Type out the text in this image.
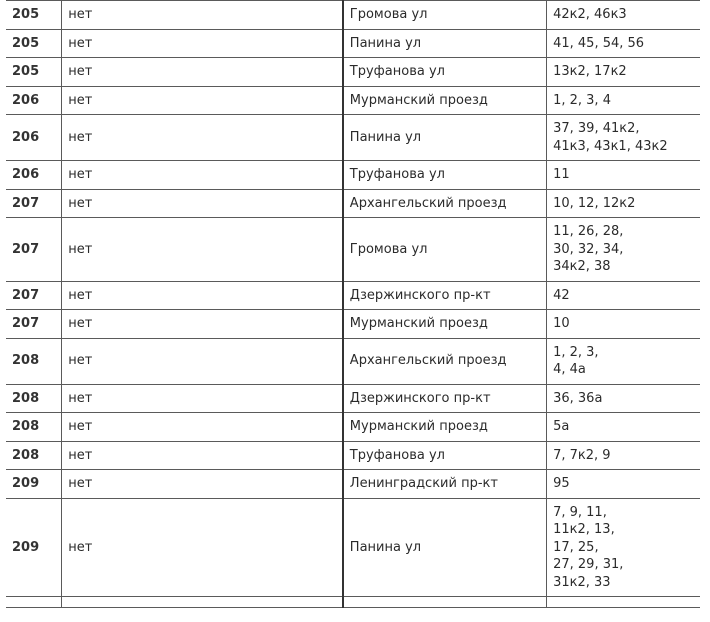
205	нет	Громова ул	42к2, 46к3

205	нет	Панина ул	41, 45, 54, 56

205	нет	Труфанова ул	13к2, 17к2

206	нет	Мурманский проезд	1, 2, 3, 4

206	нет	Панина ул	37, 39, 41к2,
41к3, 43к1, 43к2

206	нет	Труфанова ул	11

207	нет	Архангельский проезд	10, 12, 12к2

207	нет	Громова ул	11, 26, 28,
30, 32, 34,
34к2, 38

207	нет	Дзержинского пр-кт	42

207	нет	Мурманский проезд	10

208	нет	Архангельский проезд	1, 2, 3,
4, 4а

208	нет	Дзержинского пр-кт	36, 36а

208	нет	Мурманский проезд	5а

208	нет	Труфанова ул	7, 7к2, 9

209	нет	Ленинградский пр-кт	95

209	нет	Панина ул	7, 9, 11,
11к2, 13,
17, 25,
27, 29, 31,
31к2, 33
